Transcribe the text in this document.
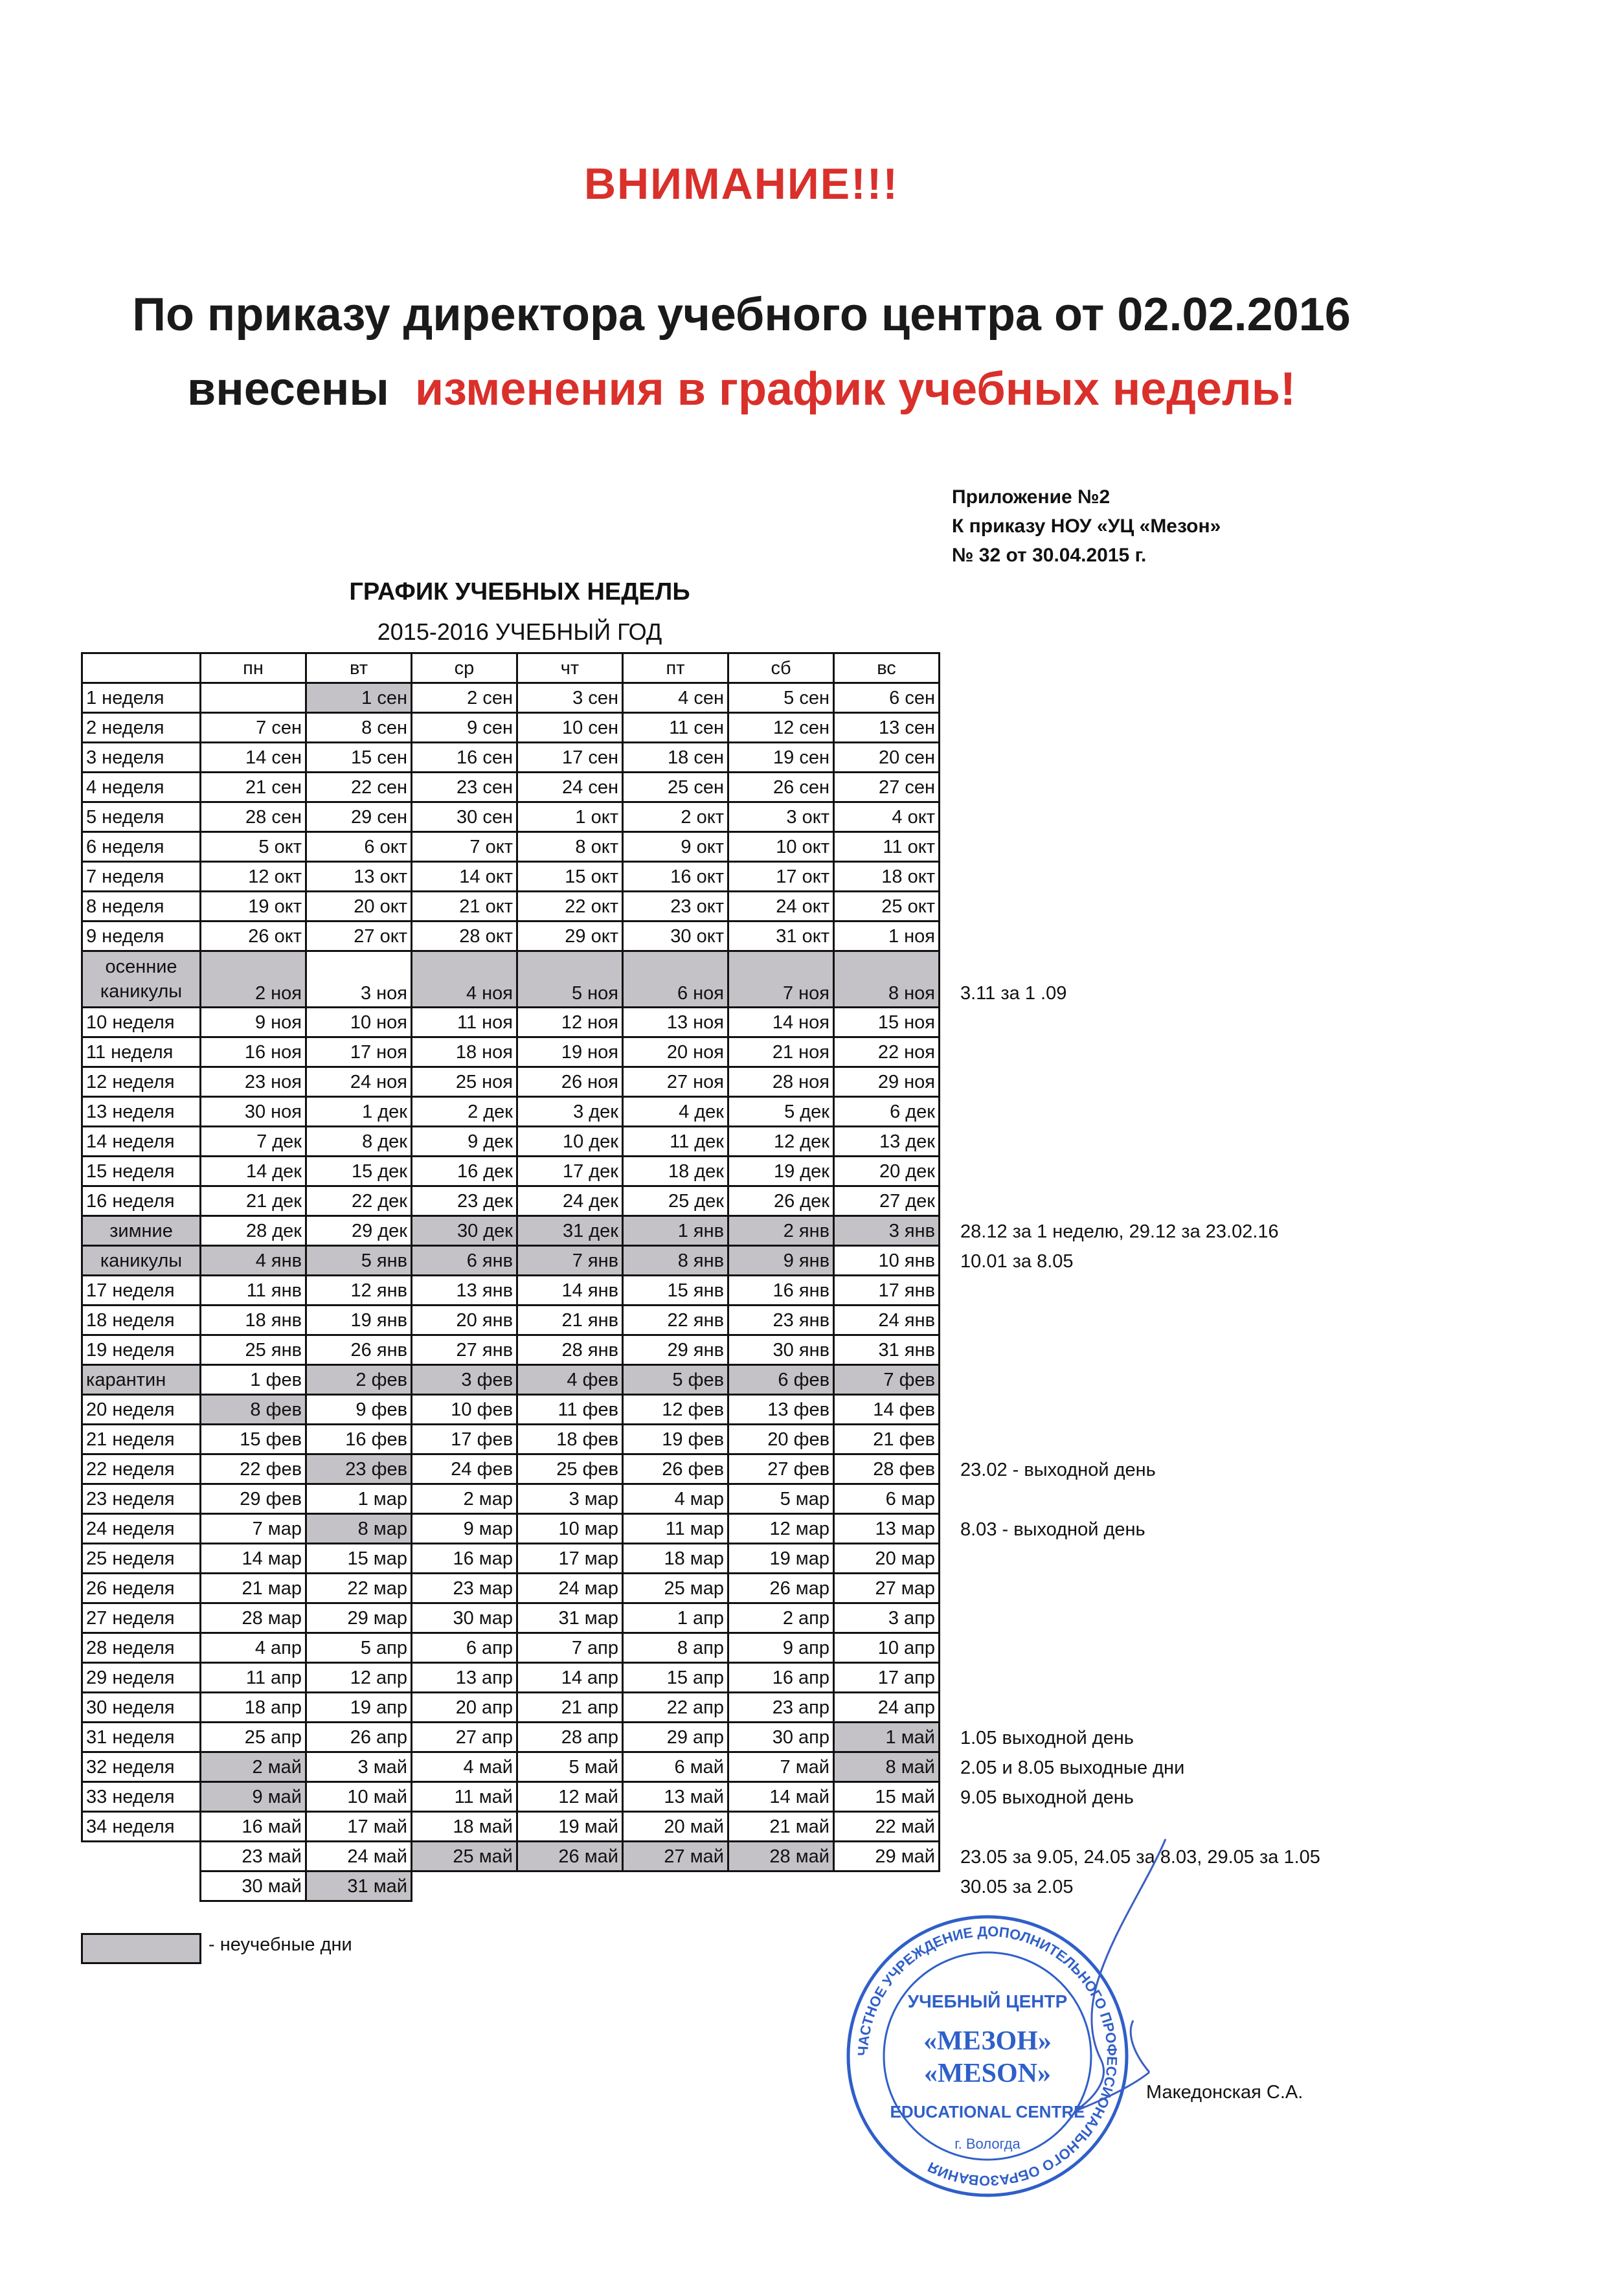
ВНИМАНИЕ!!!
По приказу директора учебного центра от 02.02.2016
внесены изменения в график учебных недель!
Приложение №2
К приказу НОУ «УЦ «Мезон»
№ 32 от 30.04.2015 г.
ГРАФИК УЧЕБНЫХ НЕДЕЛЬ
2015-2016 УЧЕБНЫЙ ГОД
	пн	вт	ср	чт	пт	сб	вс
1 неделя		1 сен	2 сен	3 сен	4 сен	5 сен	6 сен
2 неделя	7 сен	8 сен	9 сен	10 сен	11 сен	12 сен	13 сен
3 неделя	14 сен	15 сен	16 сен	17 сен	18 сен	19 сен	20 сен
4 неделя	21 сен	22 сен	23 сен	24 сен	25 сен	26 сен	27 сен
5 неделя	28 сен	29 сен	30 сен	1 окт	2 окт	3 окт	4 окт
6 неделя	5 окт	6 окт	7 окт	8 окт	9 окт	10 окт	11 окт
7 неделя	12 окт	13 окт	14 окт	15 окт	16 окт	17 окт	18 окт
8 неделя	19 окт	20 окт	21 окт	22 окт	23 окт	24 окт	25 окт
9 неделя	26 окт	27 окт	28 окт	29 окт	30 окт	31 окт	1 ноя
осенние каникулы	2 ноя	3 ноя	4 ноя	5 ноя	6 ноя	7 ноя	8 ноя
10 неделя	9 ноя	10 ноя	11 ноя	12 ноя	13 ноя	14 ноя	15 ноя
11 неделя	16 ноя	17 ноя	18 ноя	19 ноя	20 ноя	21 ноя	22 ноя
12 неделя	23 ноя	24 ноя	25 ноя	26 ноя	27 ноя	28 ноя	29 ноя
13 неделя	30 ноя	1 дек	2 дек	3 дек	4 дек	5 дек	6 дек
14 неделя	7 дек	8 дек	9 дек	10 дек	11 дек	12 дек	13 дек
15 неделя	14 дек	15 дек	16 дек	17 дек	18 дек	19 дек	20 дек
16 неделя	21 дек	22 дек	23 дек	24 дек	25 дек	26 дек	27 дек
зимние	28 дек	29 дек	30 дек	31 дек	1 янв	2 янв	3 янв
каникулы	4 янв	5 янв	6 янв	7 янв	8 янв	9 янв	10 янв
17 неделя	11 янв	12 янв	13 янв	14 янв	15 янв	16 янв	17 янв
18 неделя	18 янв	19 янв	20 янв	21 янв	22 янв	23 янв	24 янв
19 неделя	25 янв	26 янв	27 янв	28 янв	29 янв	30 янв	31 янв
карантин	1 фев	2 фев	3 фев	4 фев	5 фев	6 фев	7 фев
20 неделя	8 фев	9 фев	10 фев	11 фев	12 фев	13 фев	14 фев
21 неделя	15 фев	16 фев	17 фев	18 фев	19 фев	20 фев	21 фев
22 неделя	22 фев	23 фев	24 фев	25 фев	26 фев	27 фев	28 фев
23 неделя	29 фев	1 мар	2 мар	3 мар	4 мар	5 мар	6 мар
24 неделя	7 мар	8 мар	9 мар	10 мар	11 мар	12 мар	13 мар
25 неделя	14 мар	15 мар	16 мар	17 мар	18 мар	19 мар	20 мар
26 неделя	21 мар	22 мар	23 мар	24 мар	25 мар	26 мар	27 мар
27 неделя	28 мар	29 мар	30 мар	31 мар	1 апр	2 апр	3 апр
28 неделя	4 апр	5 апр	6 апр	7 апр	8 апр	9 апр	10 апр
29 неделя	11 апр	12 апр	13 апр	14 апр	15 апр	16 апр	17 апр
30 неделя	18 апр	19 апр	20 апр	21 апр	22 апр	23 апр	24 апр
31 неделя	25 апр	26 апр	27 апр	28 апр	29 апр	30 апр	1 май
32 неделя	2 май	3 май	4 май	5 май	6 май	7 май	8 май
33 неделя	9 май	10 май	11 май	12 май	13 май	14 май	15 май
34 неделя	16 май	17 май	18 май	19 май	20 май	21 май	22 май
	23 май	24 май	25 май	26 май	27 май	28 май	29 май
	30 май	31 май					
3.11 за 1 .09
28.12 за 1 неделю, 29.12 за 23.02.16
10.01 за 8.05
23.02 - выходной день
8.03 - выходной день
1.05 выходной день
2.05 и 8.05 выходные дни
9.05 выходной день
23.05 за 9.05, 24.05 за 8.03, 29.05 за 1.05
30.05 за 2.05
- неучебные дни
ЧАСТНОЕ УЧРЕЖДЕНИЕ ДОПОЛНИТЕЛЬНОГО ПРОФЕССИОНАЛЬНОГО ОБРАЗОВАНИЯ
УЧЕБНЫЙ ЦЕНТР
«МЕЗОН»
«MESON»
EDUCATIONAL CENTRE
г. Вологда
Македонская С.А.
